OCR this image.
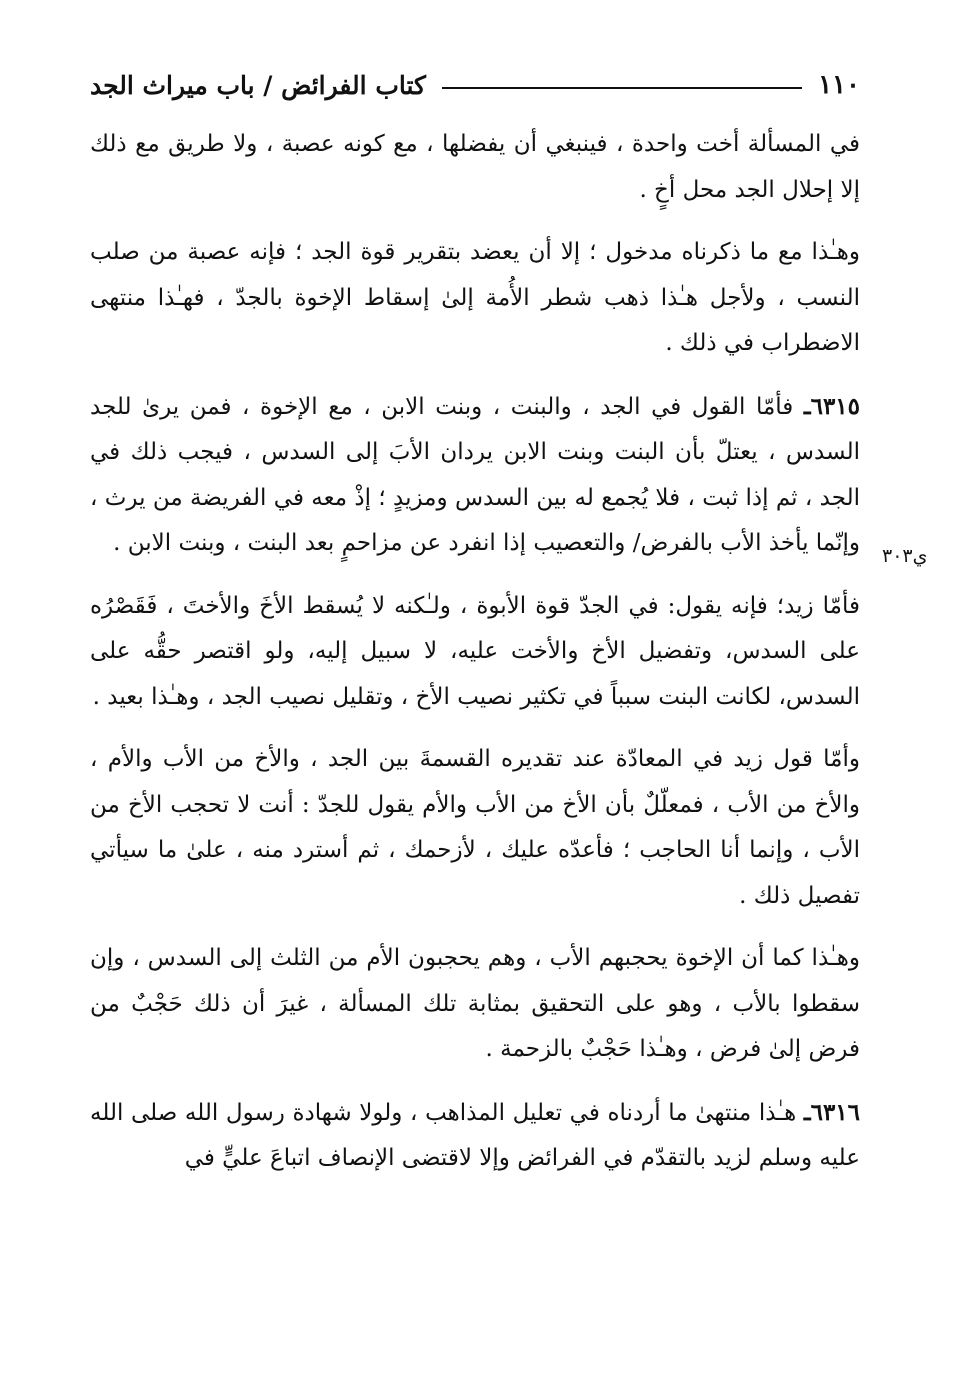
١١٠
كتاب الفرائض / باب ميراث الجد

في المسألة أخت واحدة ، فينبغي أن يفضلها ، مع كونه عصبة ، ولا طريق مع ذلك إلا إحلال الجد محل أخٍ .

وهـٰذا مع ما ذكرناه مدخول ؛ إلا أن يعضد بتقرير قوة الجد ؛ فإنه عصبة من صلب النسب ، ولأجل هـٰذا ذهب شطر الأُمة إلىٰ إسقاط الإخوة بالجدّ ، فهـٰذا منتهى الاضطراب في ذلك .

٦٣١٥ـ فأمّا القول في الجد ، والبنت ، وبنت الابن ، مع الإخوة ، فمن يرىٰ للجد السدس ، يعتلّ بأن البنت وبنت الابن يردان الأبَ إلى السدس ، فيجب ذلك في الجد ، ثم إذا ثبت ، فلا يُجمع له بين السدس ومزيدٍ ؛ إذْ معه في الفريضة من يرث ، وإنّما يأخذ الأب بالفرض/ والتعصيب إذا انفرد عن مزاحمٍ بعد البنت ، وبنت الابن .

فأمّا زيد؛ فإنه يقول: في الجدّ قوة الأبوة ، ولـٰكنه لا يُسقط الأخَ والأختَ ، فَقَصْرُه على السدس، وتفضيل الأخ والأخت عليه، لا سبيل إليه، ولو اقتصر حقُّه على السدس، لكانت البنت سبباً في تكثير نصيب الأخ ، وتقليل نصيب الجد ، وهـٰذا بعيد .

وأمّا قول زيد في المعادّة عند تقديره القسمةَ بين الجد ، والأخ من الأب والأم ، والأخ من الأب ، فمعلّلٌ بأن الأخ من الأب والأم يقول للجدّ : أنت لا تحجب الأخ من الأب ، وإنما أنا الحاجب ؛ فأعدّه عليك ، لأزحمك ، ثم أسترد منه ، علىٰ ما سيأتي تفصيل ذلك .

وهـٰذا كما أن الإخوة يحجبهم الأب ، وهم يحجبون الأم من الثلث إلى السدس ، وإن سقطوا بالأب ، وهو على التحقيق بمثابة تلك المسألة ، غيرَ أن ذلك حَجْبٌ من فرض إلىٰ فرض ، وهـٰذا حَجْبٌ بالزحمة .

٦٣١٦ـ هـٰذا منتهىٰ ما أردناه في تعليل المذاهب ، ولولا شهادة رسول الله صلى الله عليه وسلم لزيد بالتقدّم في الفرائض وإلا لاقتضى الإنصاف اتباعَ عليٍّ في

ي٣٠٣
